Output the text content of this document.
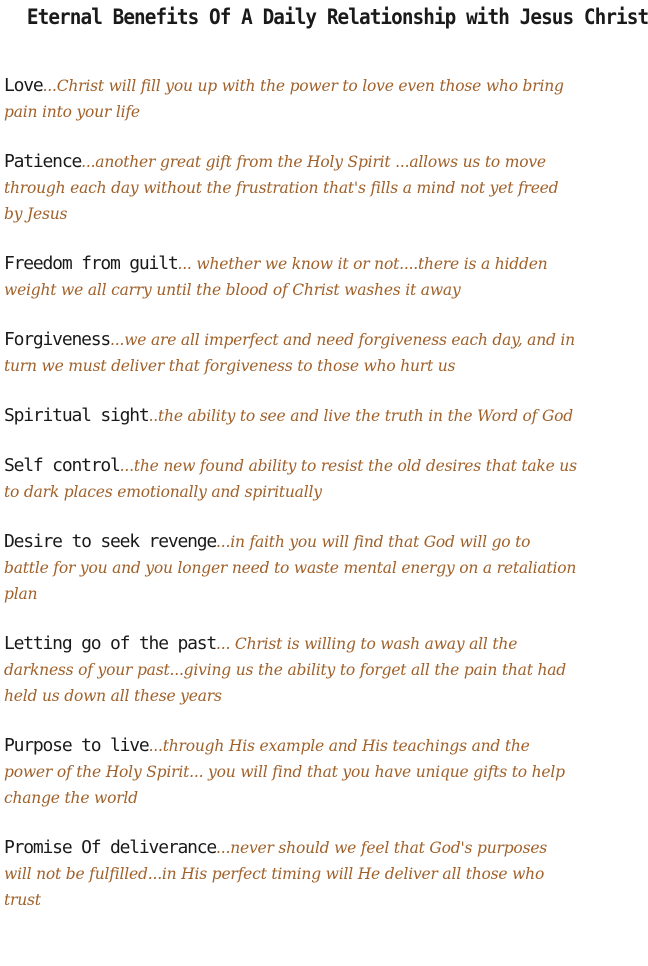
Eternal Benefits Of A Daily Relationship with Jesus Christ
Love...Christ will fill you up with the power to love even those who bring pain into your life
Patience...another great gift from the Holy Spirit ...allows us to move through each day without the frustration that's fills a mind not yet freed by Jesus
Freedom from guilt... whether we know it or not....there is a hidden weight we all carry until the blood of Christ washes it away
Forgiveness...we are all imperfect and need forgiveness each day, and in turn we must deliver that forgiveness to those who hurt us
Spiritual sight..the ability to see and live the truth in the Word of God
Self control...the new found ability to resist the old desires that take us to dark places emotionally and spiritually
Desire to seek revenge...in faith you will find that God will go to battle for you and you longer need to waste mental energy on a retaliation plan
Letting go of the past... Christ is willing to wash away all the darkness of your past...giving us the ability to forget all the pain that had held us down all these years
Purpose to live...through His example and His teachings and the power of the Holy Spirit... you will find that you have unique gifts to help change the world
Promise Of deliverance...never should we feel that God's purposes will not be fulfilled...in His perfect timing will He deliver all those who trust
